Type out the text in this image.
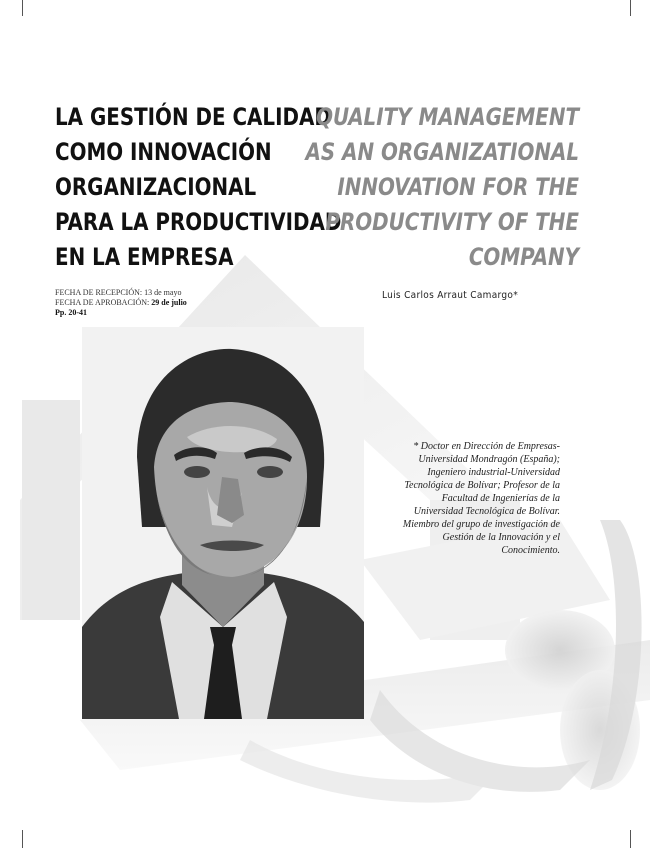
LA GESTIÓN DE CALIDAD
COMO INNOVACIÓN
ORGANIZACIONAL
PARA LA PRODUCTIVIDAD
EN LA EMPRESA
QUALITY MANAGEMENT
AS AN ORGANIZATIONAL
INNOVATION FOR THE
PRODUCTIVITY OF THE
COMPANY
FECHA DE RECEPCIÓN: 13 de mayo
FECHA DE APROBACIÓN: 29 de julio
Pp. 20-41
Luis Carlos Arraut Camargo*

* Doctor en Dirección de Empresas-Universidad Mondragón (España); Ingeniero industrial-Universidad Tecnológica de Bolívar; Profesor de la Facultad de Ingenierías de la Universidad Tecnológica de Bolívar. Miembro del grupo de investigación de Gestión de la Innovación y el Conocimiento.
